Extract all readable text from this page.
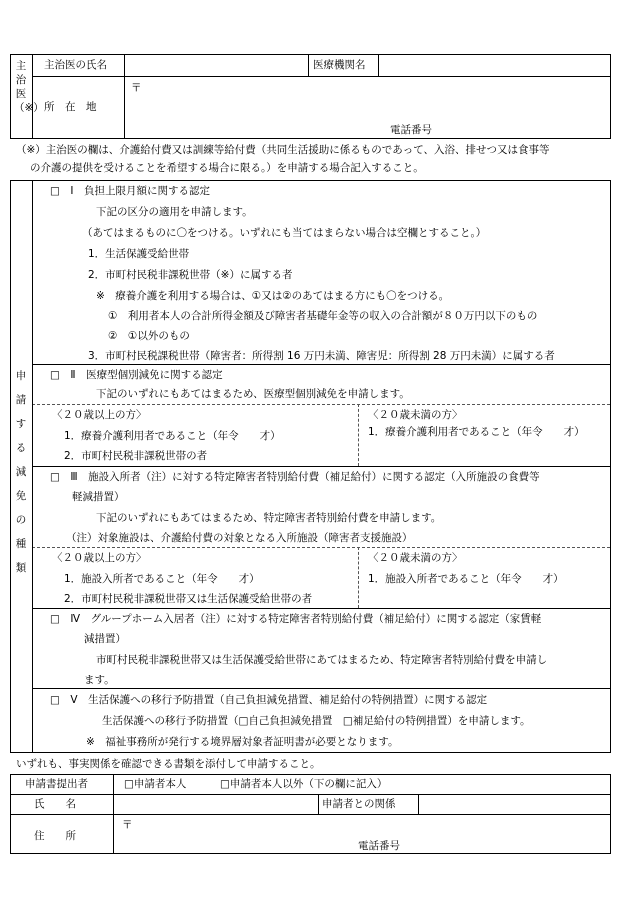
主治医（※）
主治医の氏名	医療機関名
所　在　地
〒
電話番号
（※）主治医の欄は、介護給付費又は訓練等給付費（共同生活援助に係るものであって、入浴、排せつ又は食事等
の介護の提供を受けることを希望する場合に限る。）を申請する場合記入すること。
申請する減免の種類
□　Ⅰ　負担上限月額に関する認定
下記の区分の適用を申請します。
（あてはまるものに〇をつける。いずれにも当てはまらない場合は空欄とすること。）
1．生活保護受給世帯
2．市町村民税非課税世帯（※）に属する者
※　療養介護を利用する場合は、①又は②のあてはまる方にも〇をつける。
①　利用者本人の合計所得金額及び障害者基礎年金等の収入の合計額が８０万円以下のもの
②　①以外のもの
3．市町村民税課税世帯（障害者：所得割 16 万円未満、障害児：所得割 28 万円未満）に属する者
□　Ⅱ　医療型個別減免に関する認定
下記のいずれにもあてはまるため、医療型個別減免を申請します。
〈２０歳以上の方〉
1．療養介護利用者であること（年令　　才）
2．市町村民税非課税世帯の者
〈２０歳未満の方〉
1．療養介護利用者であること（年令　　才）
□　Ⅲ　施設入所者（注）に対する特定障害者特別給付費（補足給付）に関する認定（入所施設の食費等
軽減措置）
下記のいずれにもあてはまるため、特定障害者特別給付費を申請します。
（注）対象施設は、介護給付費の対象となる入所施設（障害者支援施設）
〈２０歳以上の方〉
1．施設入所者であること（年令　　才）
2．市町村民税非課税世帯又は生活保護受給世帯の者
〈２０歳未満の方〉
1．施設入所者であること（年令　　才）
□　Ⅳ　グループホーム入居者（注）に対する特定障害者特別給付費（補足給付）に関する認定（家賃軽
減措置）
市町村民税非課税世帯又は生活保護受給世帯にあてはまるため、特定障害者特別給付費を申請し
ます。
□　Ⅴ　生活保護への移行予防措置（自己負担減免措置、補足給付の特例措置）に関する認定
生活保護への移行予防措置（□自己負担減免措置　□補足給付の特例措置）を申請します。
※　福祉事務所が発行する境界層対象者証明書が必要となります。
いずれも、事実関係を確認できる書類を添付して申請すること。
申請書提出者	□申請者本人	□申請者本人以外（下の欄に記入）
氏　　名	申請者との関係
住　　所
〒
電話番号
